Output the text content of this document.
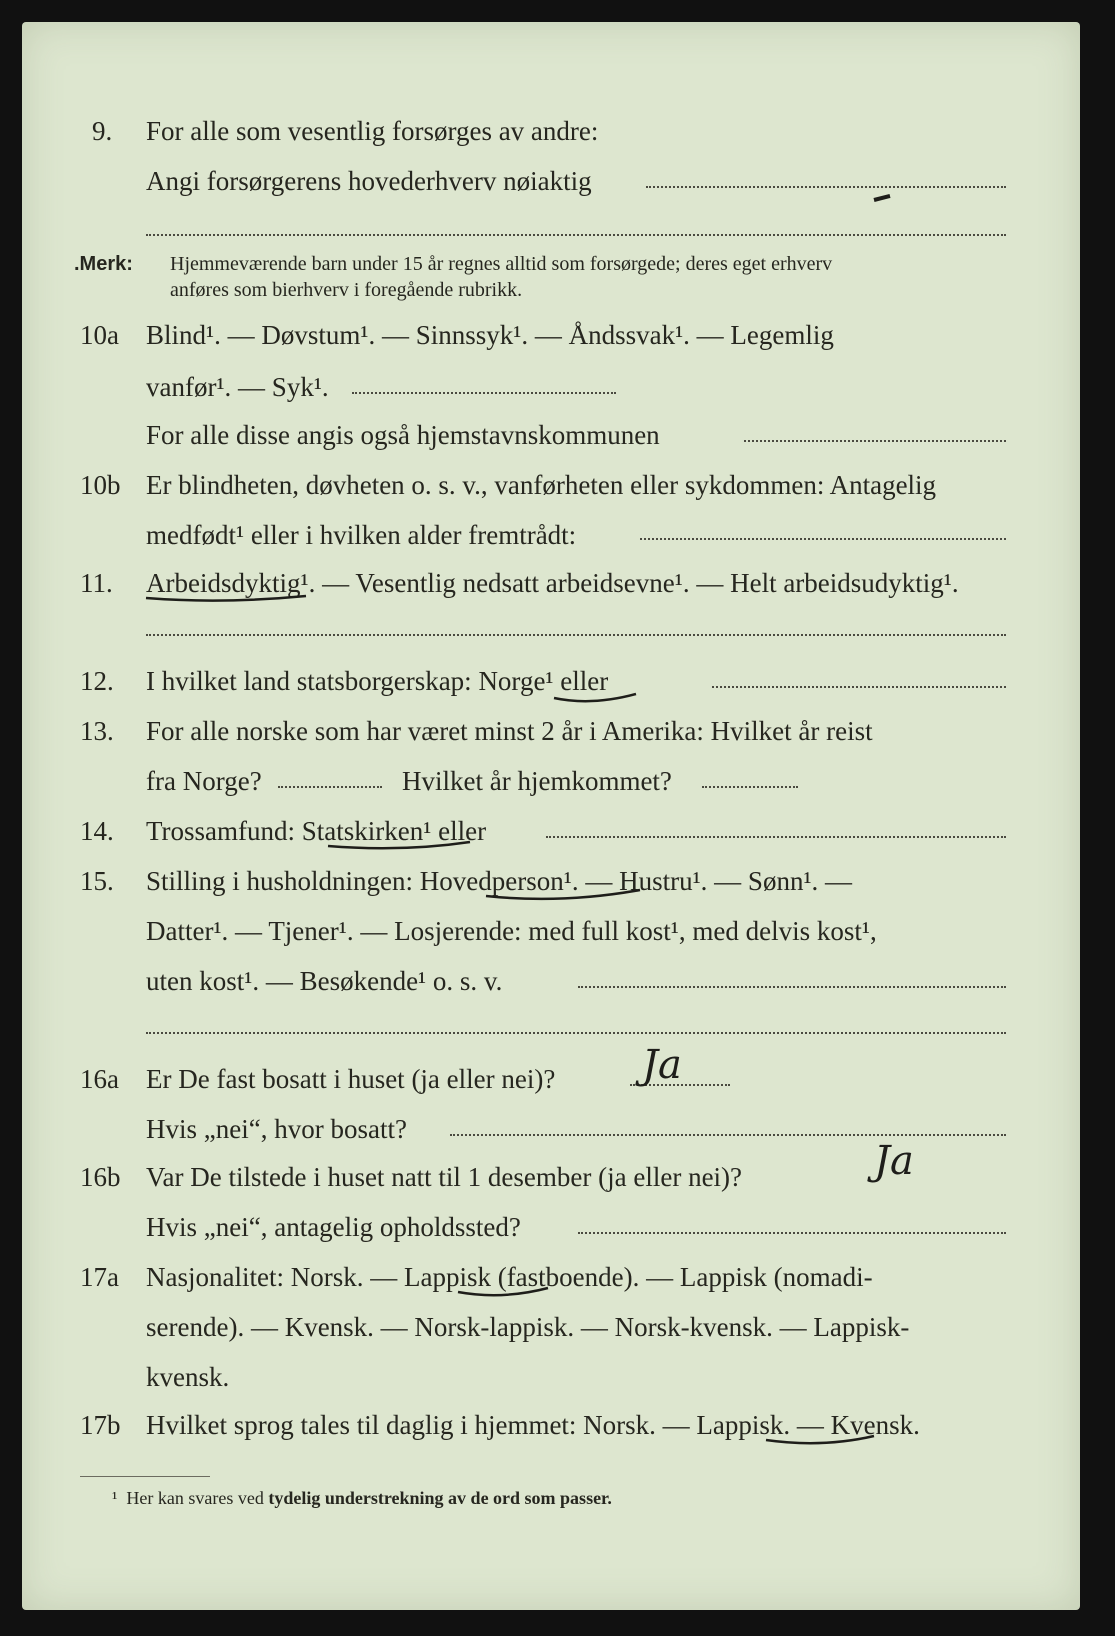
9. For alle som vesentlig forsørges av andre:
Angi forsørgerens hovederhverv nøiaktig
.Merk: Hjemmeværende barn under 15 år regnes alltid som forsørgede; deres eget erhverv
anføres som bierhverv i foregående rubrikk.
10a Blind¹. — Døvstum¹. — Sinnssyk¹. — Åndssvak¹. — Legemlig
vanfør¹. — Syk¹.
For alle disse angis også hjemstavnskommunen
10b Er blindheten, døvheten o. s. v., vanførheten eller sykdommen: Antagelig
medfødt¹ eller i hvilken alder fremtrådt:
11. Arbeidsdyktig¹. — Vesentlig nedsatt arbeidsevne¹. — Helt arbeidsudyktig¹.
12. I hvilket land statsborgerskap: Norge¹ eller
13. For alle norske som har været minst 2 år i Amerika: Hvilket år reist
fra Norge?	Hvilket år hjemkommet?
14. Trossamfund: Statskirken¹ eller
15. Stilling i husholdningen: Hovedperson¹. — Hustru¹. — Sønn¹. —
Datter¹. — Tjener¹. — Losjerende: med full kost¹, med delvis kost¹,
uten kost¹. — Besøkende¹ o. s. v.
16a Er De fast bosatt i huset (ja eller nei)? Ja
Hvis „nei“, hvor bosatt?
16b Var De tilstede i huset natt til 1 desember (ja eller nei)?	Ja
Hvis „nei“, antagelig opholdssted?
17a Nasjonalitet: Norsk. — Lappisk (fastboende). — Lappisk (nomadi-
serende). — Kvensk. — Norsk-lappisk. — Norsk-kvensk. — Lappisk-
kvensk.
17b Hvilket sprog tales til daglig i hjemmet: Norsk. — Lappisk. — Kvensk.
¹ Her kan svares ved tydelig understrekning av de ord som passer.
